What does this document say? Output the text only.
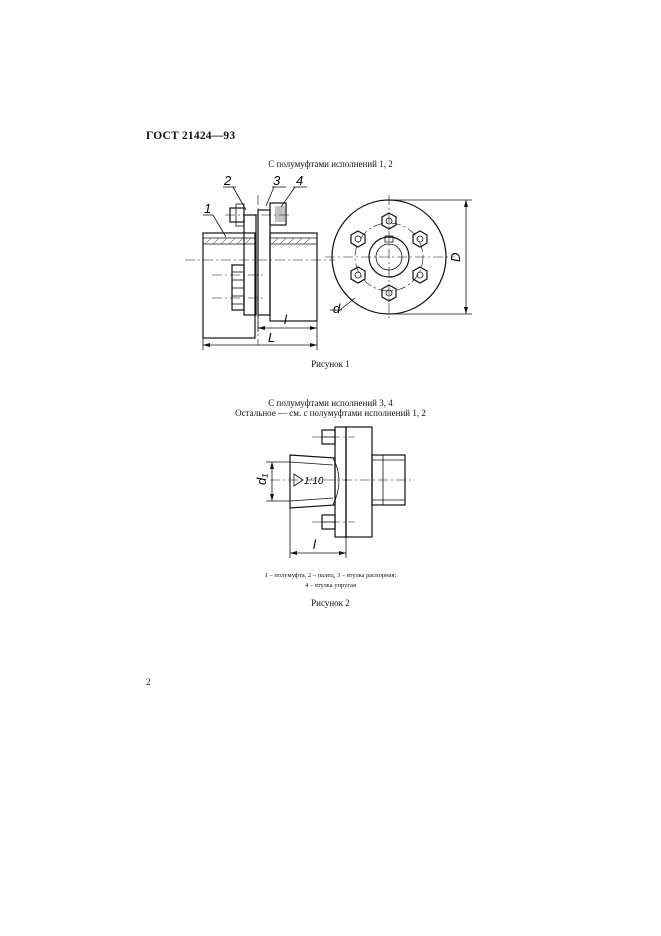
ГОСТ 21424—93
С полумуфтами исполнений 1, 2
1
2	3 4
l
L
D
d
Рисунок 1
С полумуфтами исполнений 3, 4
Остальное — см. с полумуфтами исполнений 1, 2
1:10
d₁
l
1 – полумуфта, 2 – палец, 3 – втулка распорная;
4 – втулка упругая
Рисунок 2
2
